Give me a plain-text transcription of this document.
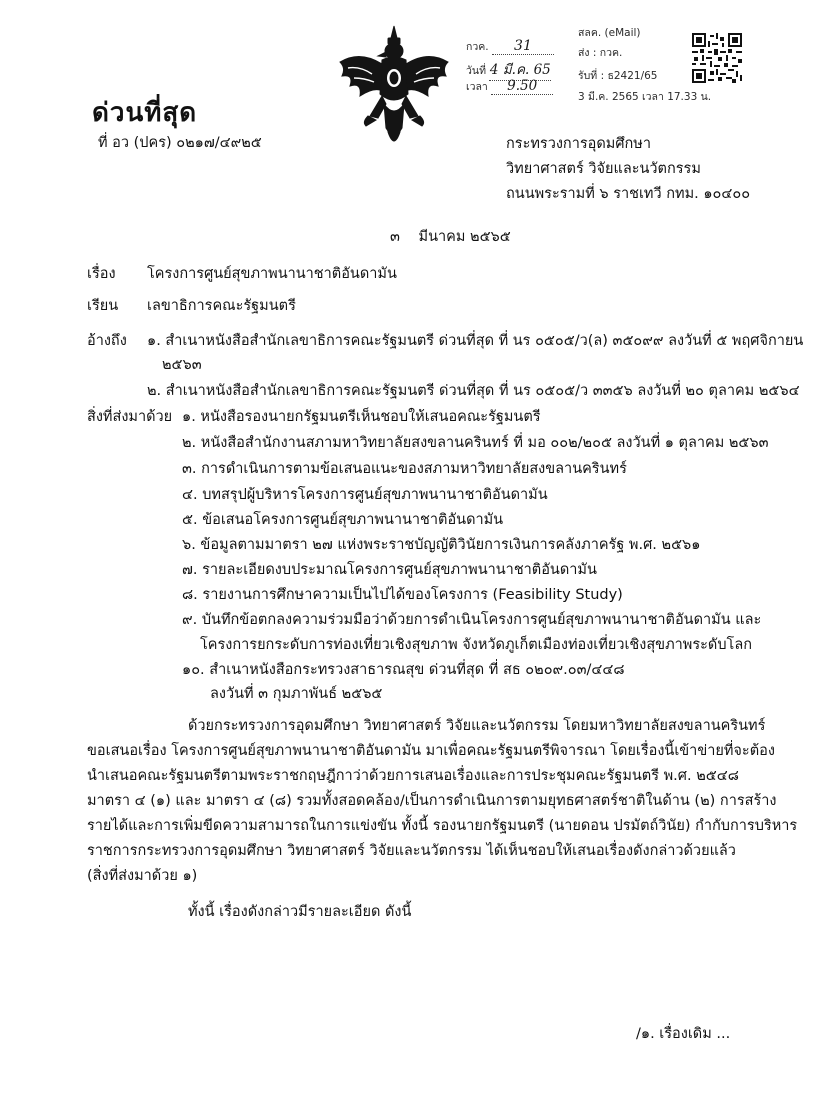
กวค. 31
วันที่ 4 มี.ค. 65
เวลา 9.50
สลค. (eMail)
ส่ง : กวค.
รับที่ : ธ2421/65
3 มี.ค. 2565 เวลา 17.33 น.
ด่วนที่สุด
ที่ อว (ปคร) ๐๒๑๗/๔๙๒๕	กระทรวงการอุดมศึกษา
วิทยาศาสตร์ วิจัยและนวัตกรรม
ถนนพระรามที่ ๖ ราชเทวี กทม. ๑๐๔๐๐
๓ มีนาคม ๒๕๖๕
เรื่อง โครงการศูนย์สุขภาพนานาชาติอันดามัน
เรียน เลขาธิการคณะรัฐมนตรี
อ้างถึง ๑. สำเนาหนังสือสำนักเลขาธิการคณะรัฐมนตรี ด่วนที่สุด ที่ นร ๐๕๐๕/ว(ล) ๓๕๐๙๙ ลงวันที่ ๕ พฤศจิกายน
๒๕๖๓
๒. สำเนาหนังสือสำนักเลขาธิการคณะรัฐมนตรี ด่วนที่สุด ที่ นร ๐๕๐๕/ว ๓๓๕๖ ลงวันที่ ๒๐ ตุลาคม ๒๕๖๔
สิ่งที่ส่งมาด้วย ๑. หนังสือรองนายกรัฐมนตรีเห็นชอบให้เสนอคณะรัฐมนตรี
๒. หนังสือสำนักงานสภามหาวิทยาลัยสงขลานครินทร์ ที่ มอ ๐๐๒/๒๐๕ ลงวันที่ ๑ ตุลาคม ๒๕๖๓
๓. การดำเนินการตามข้อเสนอแนะของสภามหาวิทยาลัยสงขลานครินทร์
๔. บทสรุปผู้บริหารโครงการศูนย์สุขภาพนานาชาติอันดามัน
๕. ข้อเสนอโครงการศูนย์สุขภาพนานาชาติอันดามัน
๖. ข้อมูลตามมาตรา ๒๗ แห่งพระราชบัญญัติวินัยการเงินการคลังภาครัฐ พ.ศ. ๒๕๖๑
๗. รายละเอียดงบประมาณโครงการศูนย์สุขภาพนานาชาติอันดามัน
๘. รายงานการศึกษาความเป็นไปได้ของโครงการ (Feasibility Study)
๙. บันทึกข้อตกลงความร่วมมือว่าด้วยการดำเนินโครงการศูนย์สุขภาพนานาชาติอันดามัน และ
โครงการยกระดับการท่องเที่ยวเชิงสุขภาพ จังหวัดภูเก็ตเมืองท่องเที่ยวเชิงสุขภาพระดับโลก
๑๐. สำเนาหนังสือกระทรวงสาธารณสุข ด่วนที่สุด ที่ สธ ๐๒๐๙.๐๓/๔๔๘
ลงวันที่ ๓ กุมภาพันธ์ ๒๕๖๕
ด้วยกระทรวงการอุดมศึกษา วิทยาศาสตร์ วิจัยและนวัตกรรม โดยมหาวิทยาลัยสงขลานครินทร์
ขอเสนอเรื่อง โครงการศูนย์สุขภาพนานาชาติอันดามัน มาเพื่อคณะรัฐมนตรีพิจารณา โดยเรื่องนี้เข้าข่ายที่จะต้อง
นำเสนอคณะรัฐมนตรีตามพระราชกฤษฎีกาว่าด้วยการเสนอเรื่องและการประชุมคณะรัฐมนตรี พ.ศ. ๒๕๔๘
มาตรา ๔ (๑) และ มาตรา ๔ (๘) รวมทั้งสอดคล้อง/เป็นการดำเนินการตามยุทธศาสตร์ชาติในด้าน (๒) การสร้าง
รายได้และการเพิ่มขีดความสามารถในการแข่งขัน ทั้งนี้ รองนายกรัฐมนตรี (นายดอน ปรมัตถ์วินัย) กำกับการบริหาร
ราชการกระทรวงการอุดมศึกษา วิทยาศาสตร์ วิจัยและนวัตกรรม ได้เห็นชอบให้เสนอเรื่องดังกล่าวด้วยแล้ว
(สิ่งที่ส่งมาด้วย ๑)
ทั้งนี้ เรื่องดังกล่าวมีรายละเอียด ดังนี้
/๑. เรื่องเดิม ...
